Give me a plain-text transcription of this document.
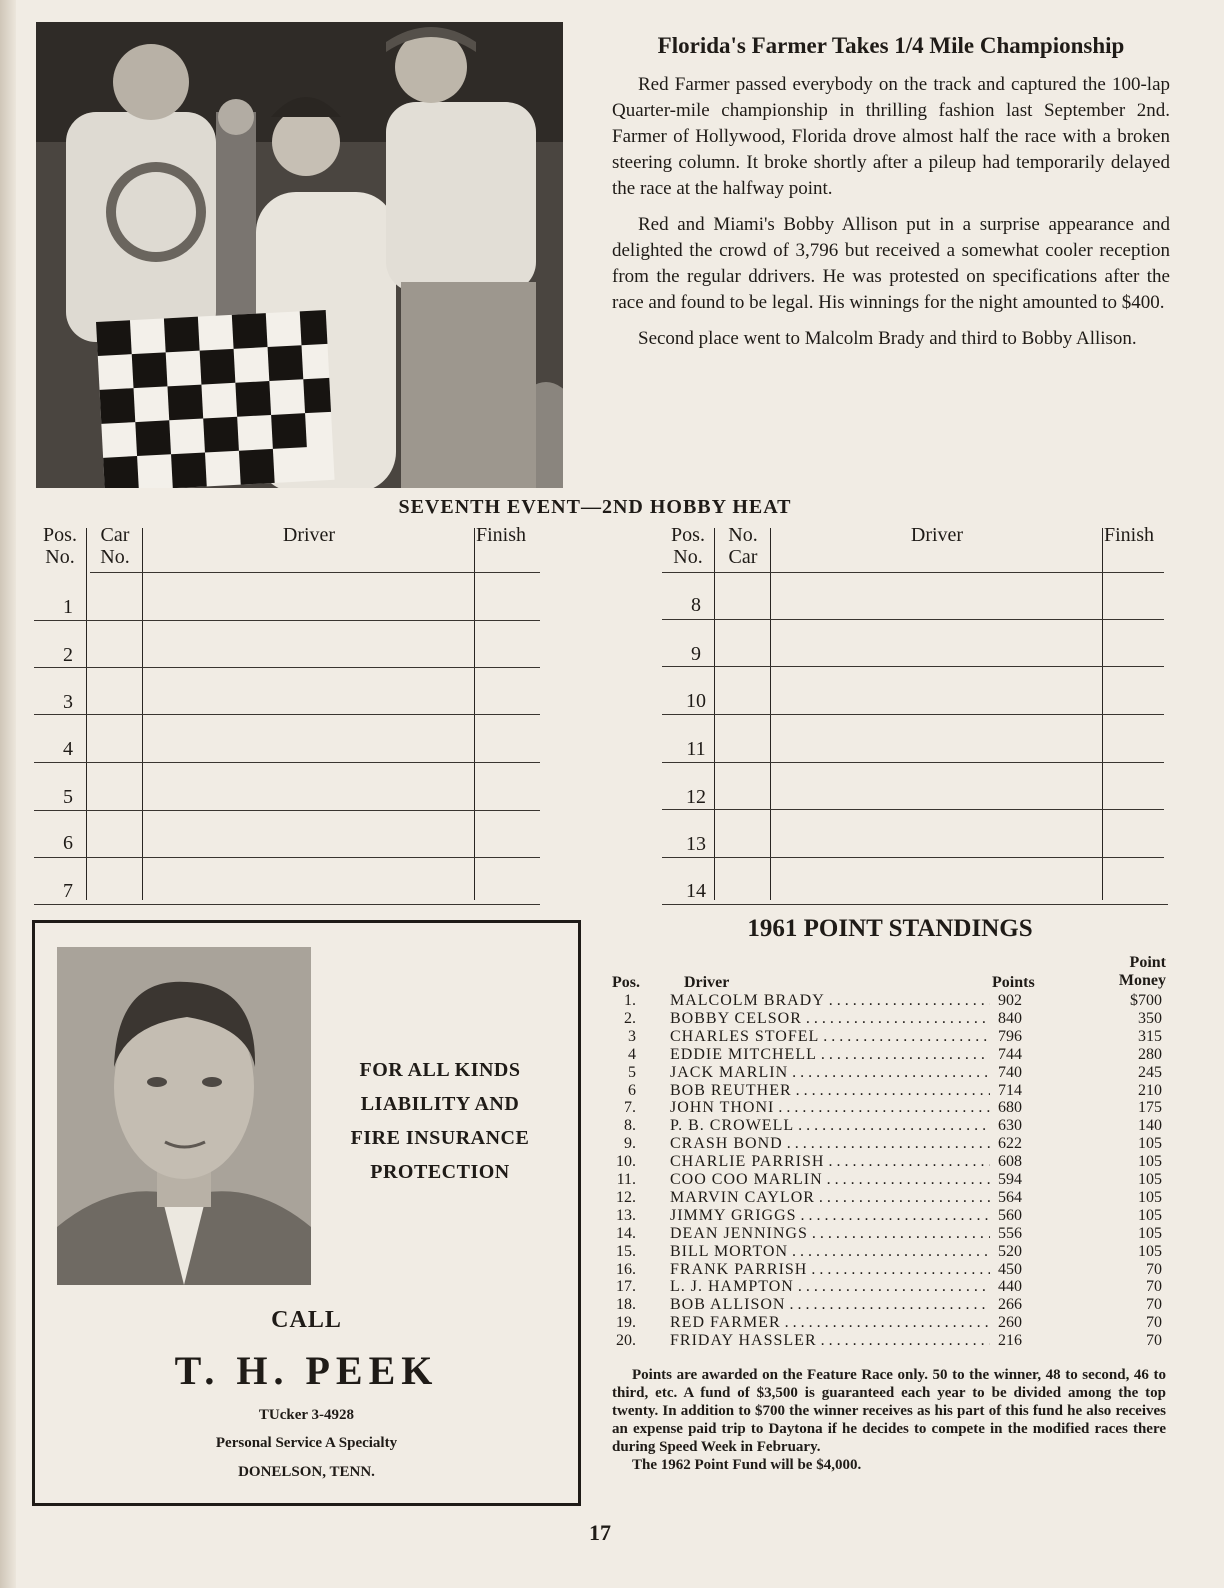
Florida's Farmer Takes 1/4 Mile Championship

Red Farmer passed everybody on the track and captured the 100-lap Quarter-mile championship in thrilling fashion last September 2nd. Farmer of Hollywood, Florida drove almost half the race with a broken steering column. It broke shortly after a pileup had temporarily delayed the race at the halfway point.

Red and Miami's Bobby Allison put in a surprise appearance and delighted the crowd of 3,796 but received a somewhat cooler reception from the regular ddrivers. He was protested on specifications after the race and found to be legal. His winnings for the night amounted to $400.

Second place went to Malcolm Brady and third to Bobby Allison.

SEVENTH EVENT—2ND HOBBY HEAT
Pos. No.
Car No.
Driver	Finish
1
2
3
4
5
6
7
Pos. No.
No. Car
Driver	Finish
8
9
10
11
12
13
14
FOR ALL KINDS
LIABILITY AND
FIRE INSURANCE
PROTECTION
CALL
T. H. PEEK
TUcker 3-4928
Personal Service A Specialty
DONELSON, TENN.
1961 POINT STANDINGS
Pos.	Driver	Points
Point
Money
1. MALCOLM BRADY . . .	902	$700
2. BOBBY CELSOR . . .	840	350
3 CHARLES STOFEL . . .	796	315
4 EDDIE MITCHELL . . .	744	280
5 JACK MARLIN . . .	740	245
6 BOB REUTHER . . .	714	210
7. JOHN THONI . . .	680	175
8. P. B. CROWELL . . .	630	140
9. CRASH BOND . . .	622	105
10. CHARLIE PARRISH . . .	608	105
11. COO COO MARLIN . . .	594	105
12. MARVIN CAYLOR . . .	564	105
13. JIMMY GRIGGS . . .	560	105
14. DEAN JENNINGS . . .	556	105
15. BILL MORTON . . .	520	105
16. FRANK PARRISH . . .	450	70
17. L. J. HAMPTON . . .	440	70
18. BOB ALLISON . . .	266	70
19. RED FARMER . . .	260	70
20. FRIDAY HASSLER . . .	216	70

Points are awarded on the Feature Race only. 50 to the winner, 48 to second, 46 to third, etc. A fund of $3,500 is guaranteed each year to be divided among the top twenty. In addition to $700 the winner receives as his part of this fund he also receives an expense paid trip to Daytona if he decides to compete in the modified races there during Speed Week in February.

The 1962 Point Fund will be $4,000.

17
